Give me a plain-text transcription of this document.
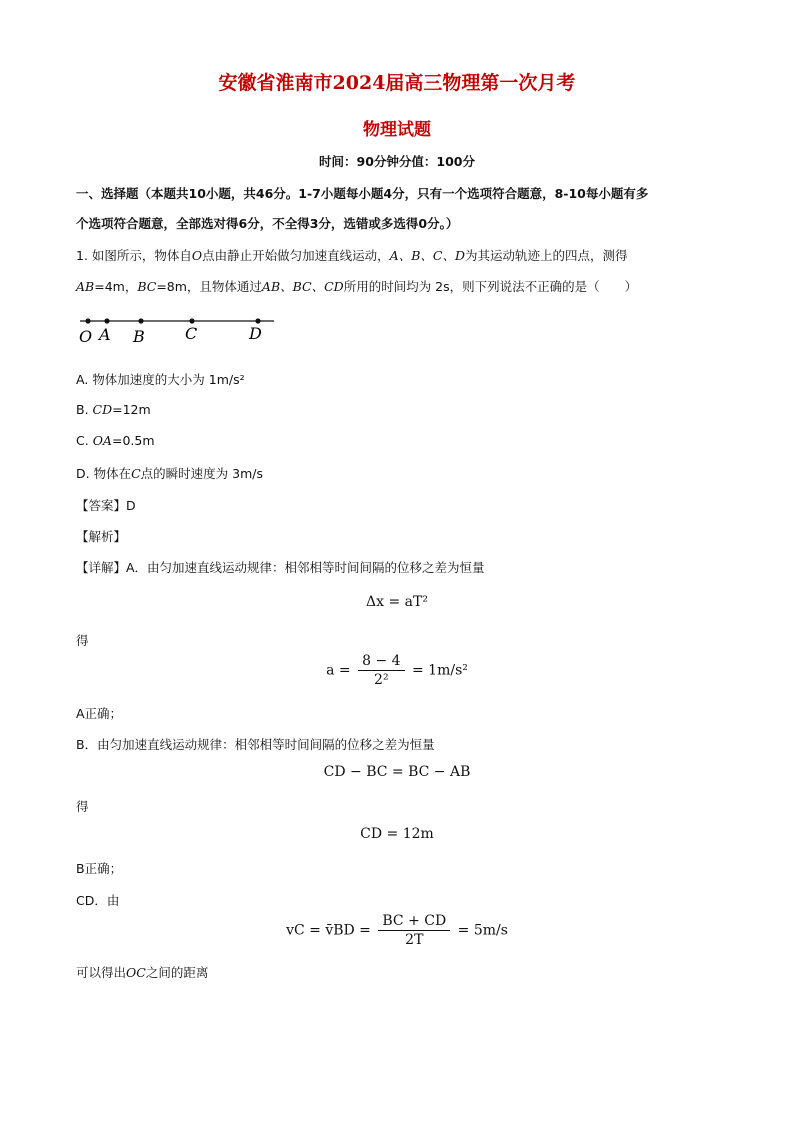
安徽省淮南市2024届高三物理第一次月考
物理试题
时间：90分钟分值：100分
一、选择题（本题共10小题，共46分。1-7小题每小题4分，只有一个选项符合题意，8-10每小题有多
个选项符合题意，全部选对得6分，不全得3分，选错或多选得0分。）
1. 如图所示，物体自O点由静止开始做匀加速直线运动，A、B、C、D为其运动轨迹上的四点，测得
AB=4m，BC=8m，且物体通过AB、BC、CD所用的时间均为 2s，则下列说法不正确的是（　　）
O A B	C	D
A. 物体加速度的大小为 1m/s²
B. CD=12m
C. OA=0.5m
D. 物体在C点的瞬时速度为 3m/s
【答案】D
【解析】
【详解】A．由匀加速直线运动规律：相邻相等时间间隔的位移之差为恒量
Δx = aT²
得
$a = \frac{8 - 4}{\text{2²}} = 1m/s^2$
A正确；
B．由匀加速直线运动规律：相邻相等时间间隔的位移之差为恒量
CD − BC = BC − AB
得
CD = 12m
B正确；
CD．由
vC = v̄BD = $\frac{BC + CD}{2T} = 5m/s$
可以得出OC之间的距离
